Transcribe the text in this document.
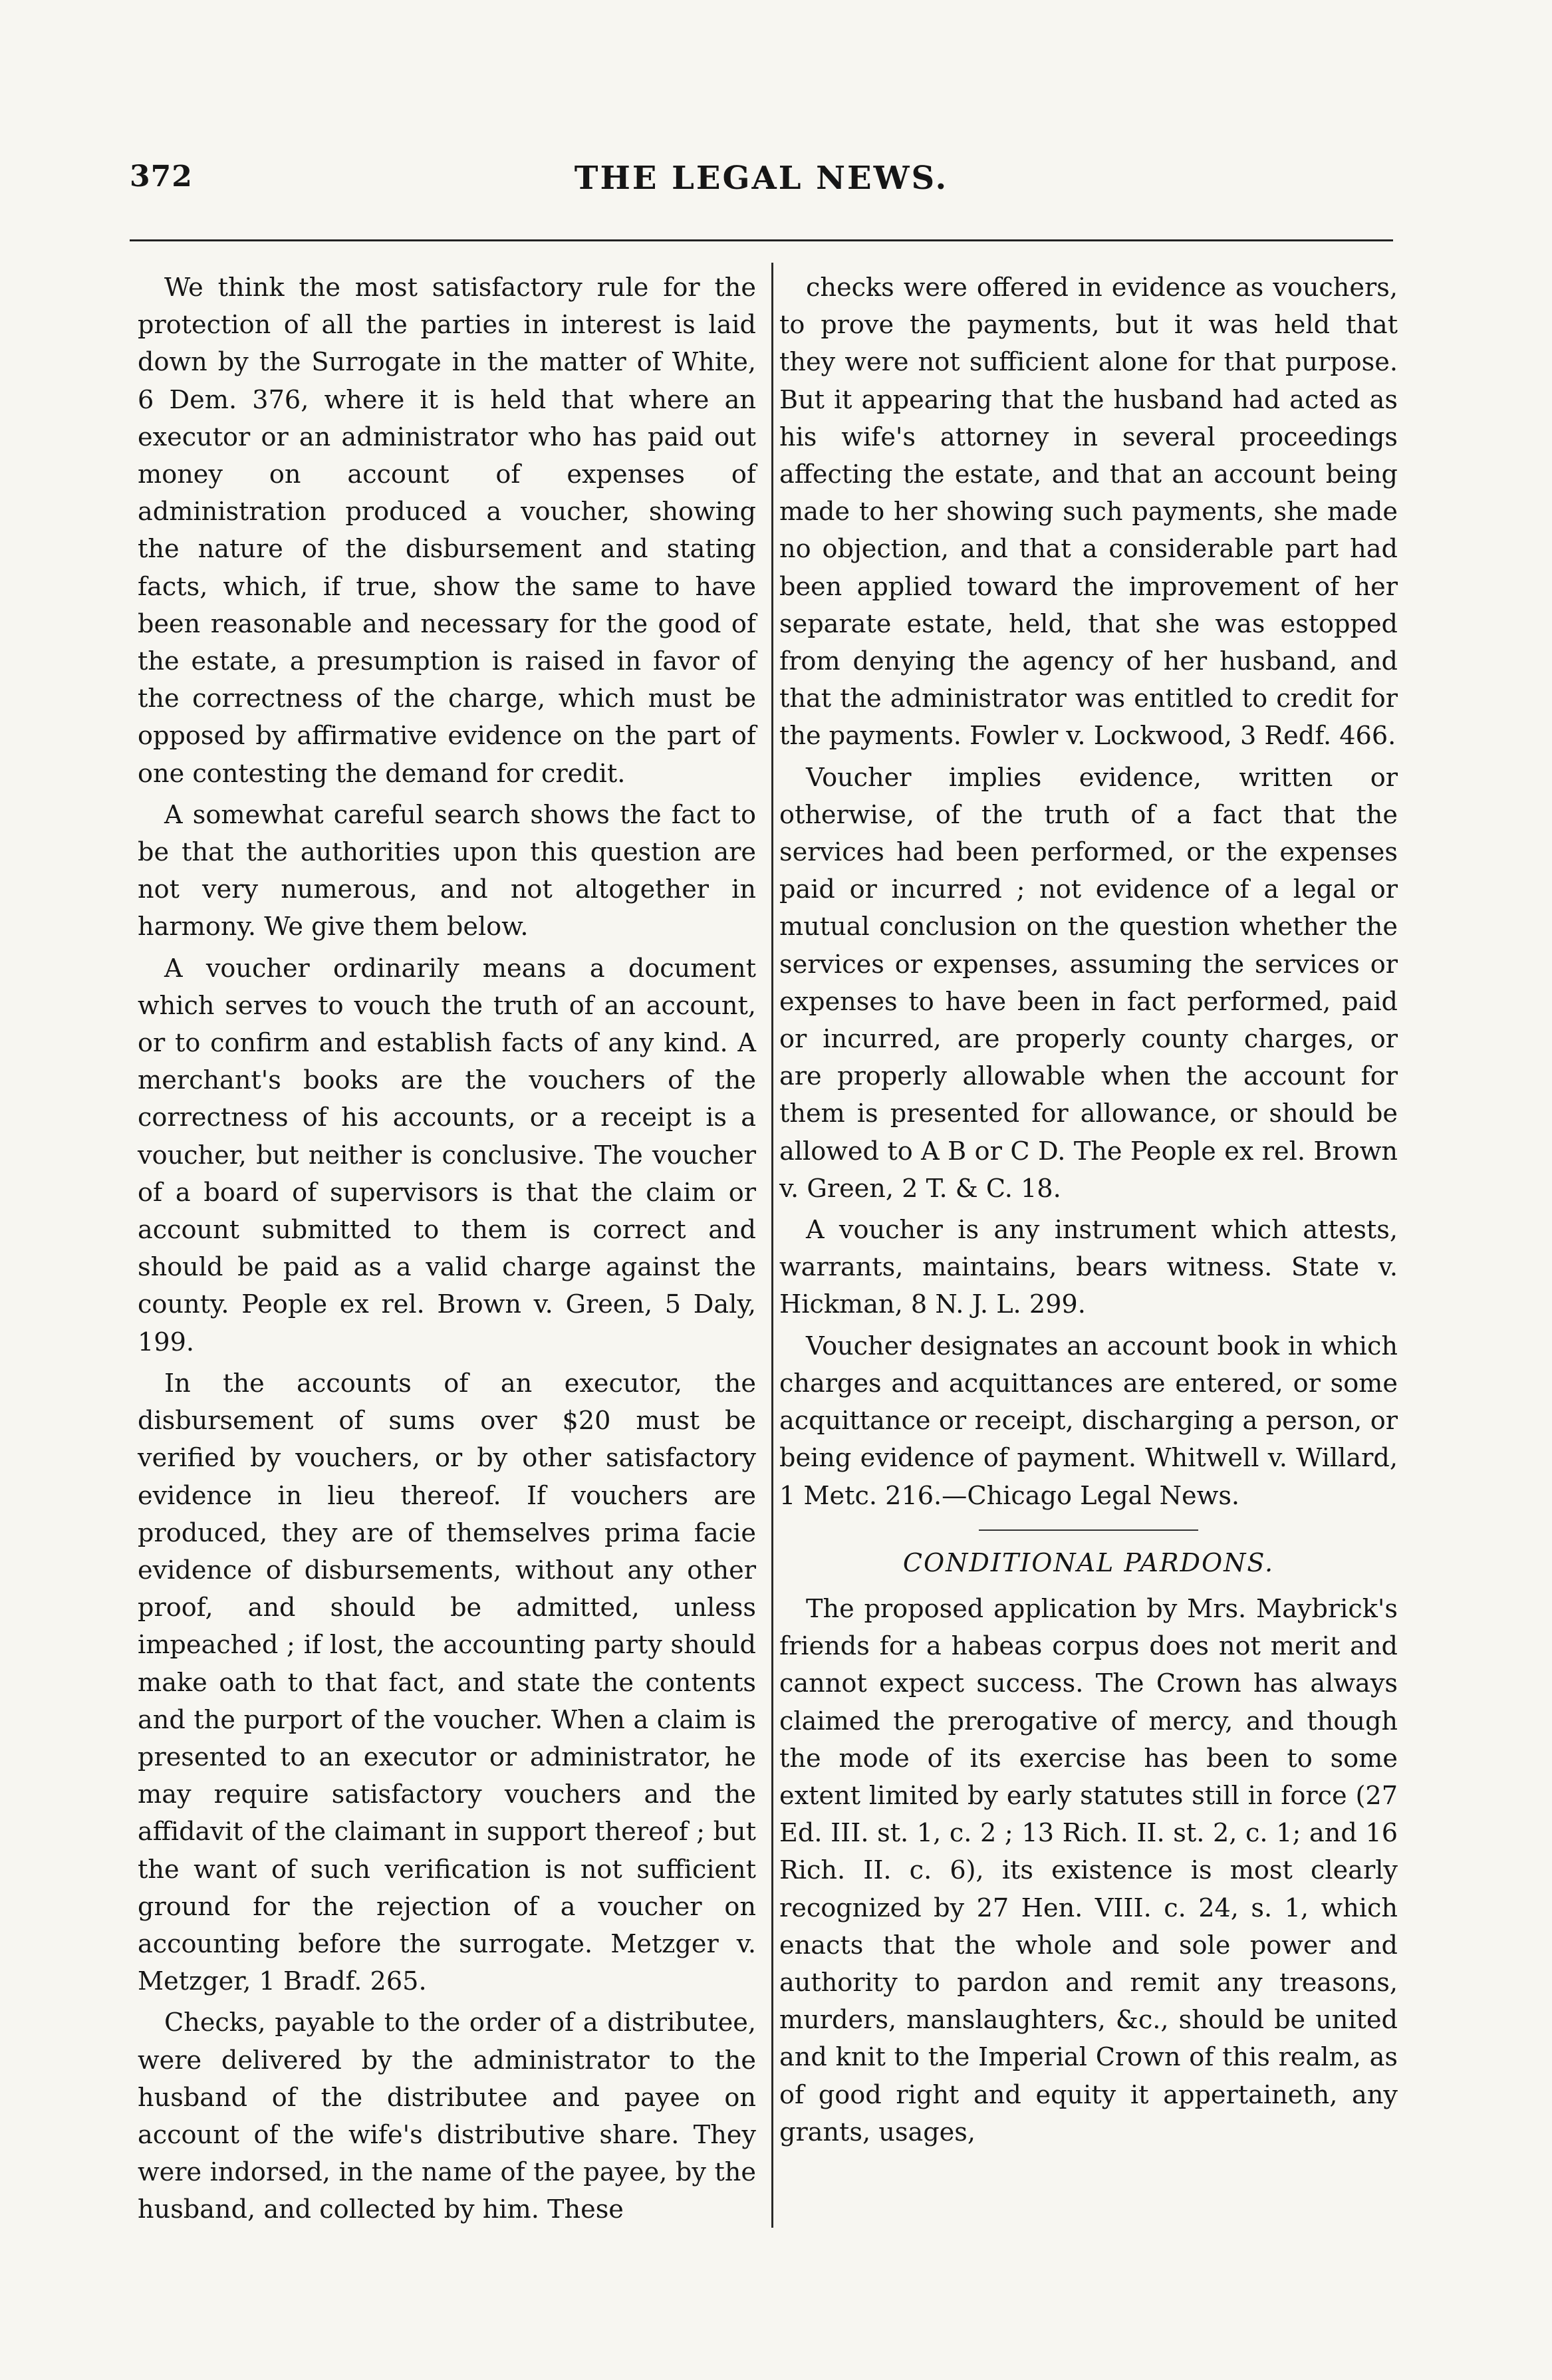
372	THE LEGAL NEWS.

We think the most satisfactory rule for the protection of all the parties in interest is laid down by the Surrogate in the matter of White, 6 Dem. 376, where it is held that where an executor or an administrator who has paid out money on account of expenses of administration produced a voucher, showing the nature of the disbursement and stating facts, which, if true, show the same to have been reasonable and necessary for the good of the estate, a presumption is raised in favor of the correctness of the charge, which must be opposed by affirmative evidence on the part of one contesting the demand for credit.

A somewhat careful search shows the fact to be that the authorities upon this question are not very numerous, and not altogether in harmony. We give them below.

A voucher ordinarily means a document which serves to vouch the truth of an account, or to confirm and establish facts of any kind. A merchant's books are the vouchers of the correctness of his accounts, or a receipt is a voucher, but neither is conclusive. The voucher of a board of supervisors is that the claim or account submitted to them is correct and should be paid as a valid charge against the county. People ex rel. Brown v. Green, 5 Daly, 199.

In the accounts of an executor, the disbursement of sums over $20 must be verified by vouchers, or by other satisfactory evidence in lieu thereof. If vouchers are produced, they are of themselves prima facie evidence of disbursements, without any other proof, and should be admitted, unless impeached ; if lost, the accounting party should make oath to that fact, and state the contents and the purport of the voucher. When a claim is presented to an executor or administrator, he may require satisfactory vouchers and the affidavit of the claimant in support thereof ; but the want of such verification is not sufficient ground for the rejection of a voucher on accounting before the surrogate. Metzger v. Metzger, 1 Bradf. 265.

Checks, payable to the order of a distributee, were delivered by the administrator to the husband of the distributee and payee on account of the wife's distributive share. They were indorsed, in the name of the payee, by the husband, and collected by him. These

checks were offered in evidence as vouchers, to prove the payments, but it was held that they were not sufficient alone for that purpose. But it appearing that the husband had acted as his wife's attorney in several proceedings affecting the estate, and that an account being made to her showing such payments, she made no objection, and that a considerable part had been applied toward the improvement of her separate estate, held, that she was estopped from denying the agency of her husband, and that the administrator was entitled to credit for the payments. Fowler v. Lockwood, 3 Redf. 466.

Voucher implies evidence, written or otherwise, of the truth of a fact that the services had been performed, or the expenses paid or incurred ; not evidence of a legal or mutual conclusion on the question whether the services or expenses, assuming the services or expenses to have been in fact performed, paid or incurred, are properly county charges, or are properly allowable when the account for them is presented for allowance, or should be allowed to A B or C D. The People ex rel. Brown v. Green, 2 T. & C. 18.

A voucher is any instrument which attests, warrants, maintains, bears witness. State v. Hickman, 8 N. J. L. 299.

Voucher designates an account book in which charges and acquittances are entered, or some acquittance or receipt, discharging a person, or being evidence of payment. Whitwell v. Willard, 1 Metc. 216.—Chicago Legal News.

CONDITIONAL PARDONS.

The proposed application by Mrs. Maybrick's friends for a habeas corpus does not merit and cannot expect success. The Crown has always claimed the prerogative of mercy, and though the mode of its exercise has been to some extent limited by early statutes still in force (27 Ed. III. st. 1, c. 2 ; 13 Rich. II. st. 2, c. 1; and 16 Rich. II. c. 6), its existence is most clearly recognized by 27 Hen. VIII. c. 24, s. 1, which enacts that the whole and sole power and authority to pardon and remit any treasons, murders, manslaughters, &c., should be united and knit to the Imperial Crown of this realm, as of good right and equity it appertaineth, any grants, usages,
